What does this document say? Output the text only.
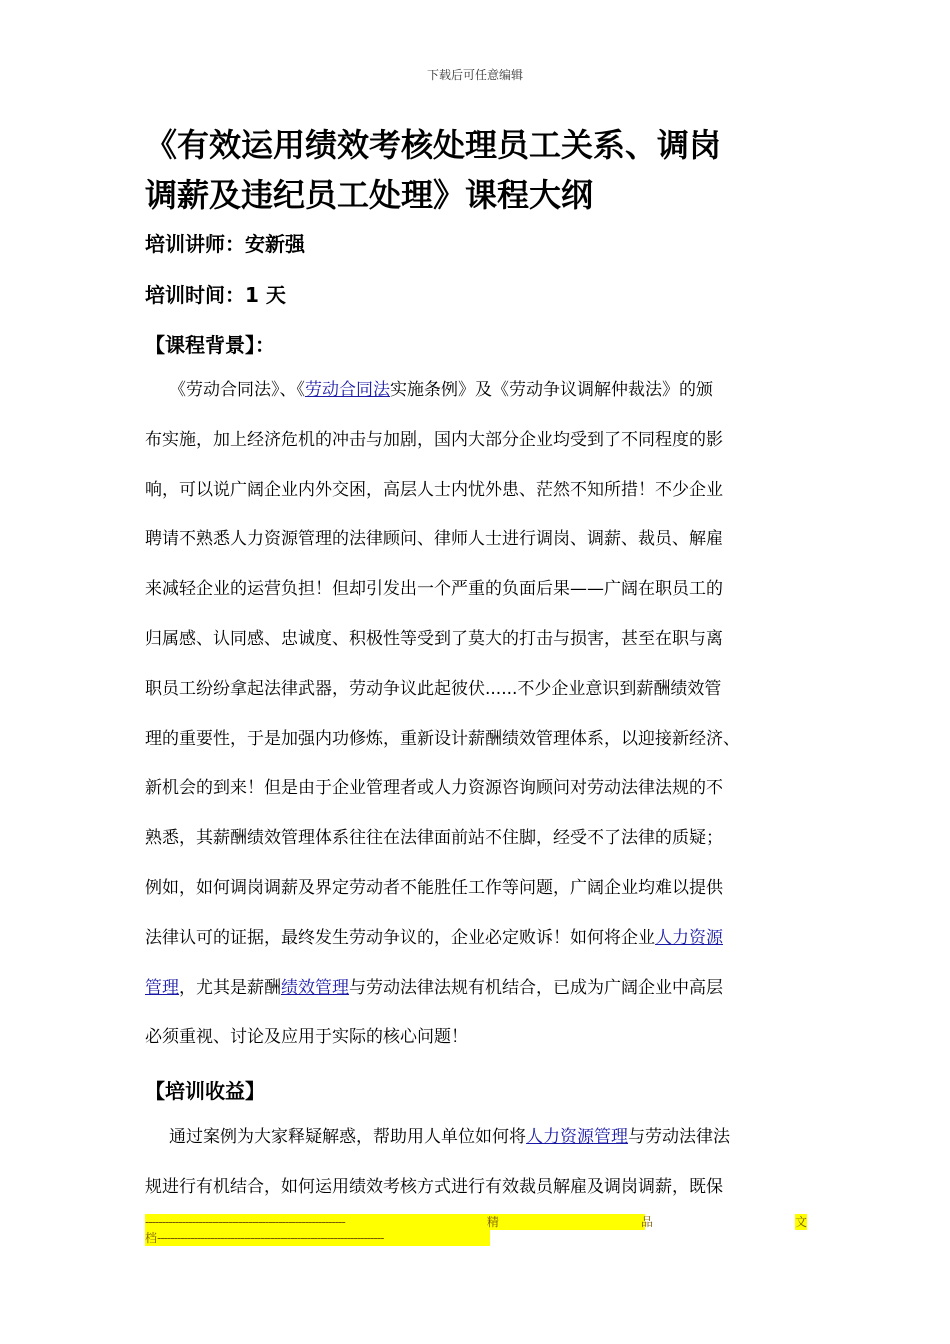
下载后可任意编辑
《有效运用绩效考核处理员工关系、调岗
调薪及违纪员工处理》课程大纲

培训讲师：安新强

培训时间：1 天

【课程背景】：

《劳动合同法》、《劳动合同法实施条例》及《劳动争议调解仲裁法》的颁
布实施，加上经济危机的冲击与加剧，国内大部分企业均受到了不同程度的影
响，可以说广阔企业内外交困，高层人士内忧外患、茫然不知所措！不少企业
聘请不熟悉人力资源管理的法律顾问、律师人士进行调岗、调薪、裁员、解雇
来减轻企业的运营负担！但却引发出一个严重的负面后果——广阔在职员工的
归属感、认同感、忠诚度、积极性等受到了莫大的打击与损害，甚至在职与离
职员工纷纷拿起法律武器，劳动争议此起彼伏......不少企业意识到薪酬绩效管
理的重要性，于是加强内功修炼，重新设计薪酬绩效管理体系，以迎接新经济、
新机会的到来！但是由于企业管理者或人力资源咨询顾问对劳动法律法规的不
熟悉，其薪酬绩效管理体系往往在法律面前站不住脚，经受不了法律的质疑；
例如，如何调岗调薪及界定劳动者不能胜任工作等问题，广阔企业均难以提供
法律认可的证据，最终发生劳动争议的，企业必定败诉！如何将企业人力资源
管理，尤其是薪酬绩效管理与劳动法律法规有机结合，已成为广阔企业中高层
必须重视、讨论及应用于实际的核心问题！

【培训收益】

通过案例为大家释疑解惑，帮助用人单位如何将人力资源管理与劳动法律法
规进行有机结合，如何运用绩效考核方式进行有效裁员解雇及调岗调薪，既保
------------------------------------------------------------	精	品	文
档 --------------------------------------------------------------------
